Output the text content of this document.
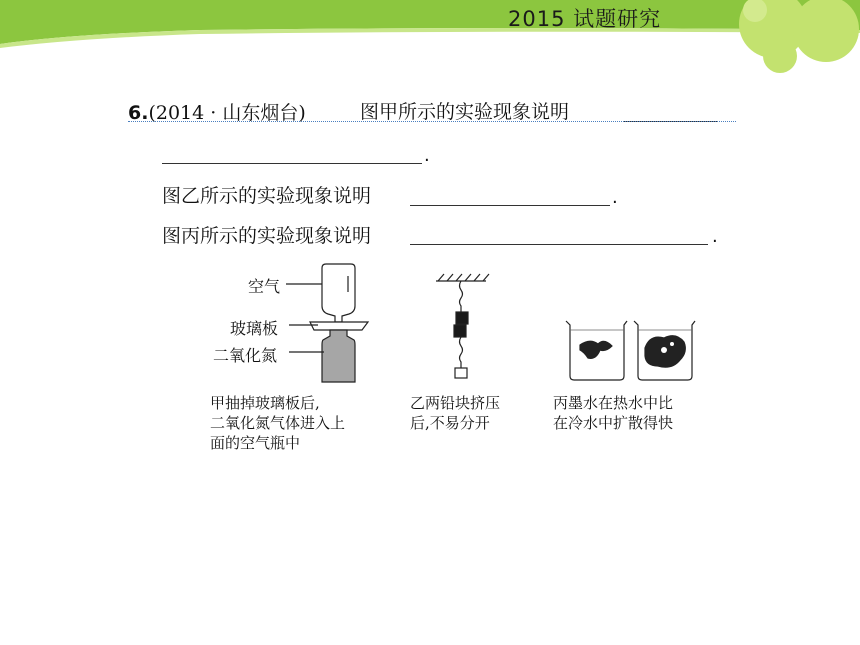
2015 试题研究
6.(2014 · 山东烟台)	图甲所示的实验现象说明
.
图乙所示的实验现象说明	.
图丙所示的实验现象说明	.
空气
玻璃板
二氧化氮
甲抽掉玻璃板后,
二氧化氮气体进入上
面的空气瓶中
乙两铅块挤压
后,不易分开
丙墨水在热水中比
在冷水中扩散得快
